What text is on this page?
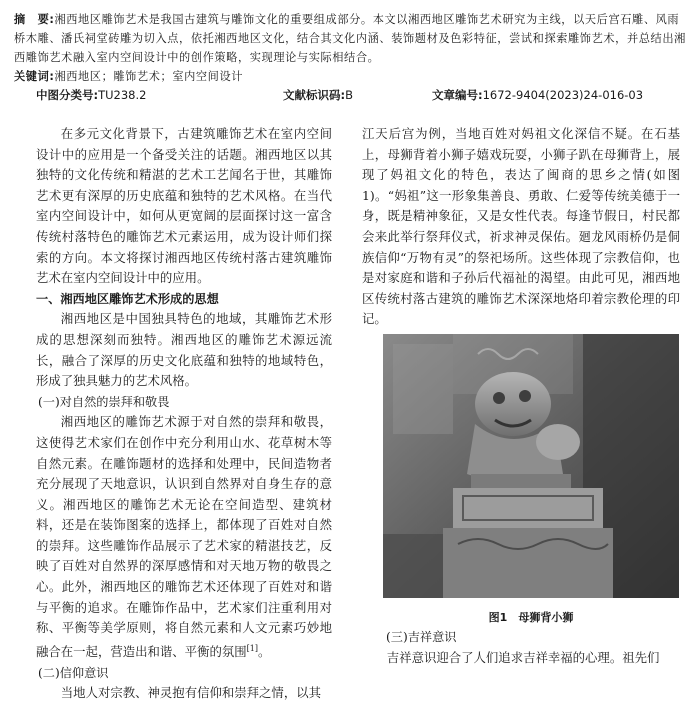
摘　要:湘西地区雕饰艺术是我国古建筑与雕饰文化的重要组成部分。本文以湘西地区雕饰艺术研究为主线，以天后宫石雕、风雨桥木雕、潘氏祠堂砖雕为切入点，依托湘西地区文化，结合其文化内涵、装饰题材及色彩特征，尝试和探索雕饰艺术，并总结出湘西雕饰艺术融入室内空间设计中的创作策略，实现理论与实际相结合。

关键词:湘西地区；雕饰艺术；室内空间设计

中图分类号:TU238.2	文献标识码:B	文章编号:1672-9404(2023)24-016-03

在多元文化背景下，古建筑雕饰艺术在室内空间设计中的应用是一个备受关注的话题。湘西地区以其独特的文化传统和精湛的艺术工艺闻名于世，其雕饰艺术更有深厚的历史底蕴和独特的艺术风格。在当代室内空间设计中，如何从更宽阔的层面探讨这一富含传统村落特色的雕饰艺术元素运用，成为设计师们探索的方向。本文将探讨湘西地区传统村落古建筑雕饰艺术在室内空间设计中的应用。

一、湘西地区雕饰艺术形成的思想

湘西地区是中国独具特色的地域，其雕饰艺术形成的思想深刻而独特。湘西地区的雕饰艺术源远流长，融合了深厚的历史文化底蕴和独特的地域特色，形成了独具魅力的艺术风格。

(一)对自然的崇拜和敬畏

湘西地区的雕饰艺术源于对自然的崇拜和敬畏，这使得艺术家们在创作中充分利用山水、花草树木等自然元素。在雕饰题材的选择和处理中，民间造物者充分展现了天地意识，认识到自然界对自身生存的意义。湘西地区的雕饰艺术无论在空间造型、建筑材料，还是在装饰图案的选择上，都体现了百姓对自然的崇拜。这些雕饰作品展示了艺术家的精湛技艺，反映了百姓对自然界的深厚感情和对天地万物的敬畏之心。此外，湘西地区的雕饰艺术还体现了百姓对和谐与平衡的追求。在雕饰作品中，艺术家们注重利用对称、平衡等美学原则，将自然元素和人文元素巧妙地融合在一起，营造出和谐、平衡的氛围[1]。

(二)信仰意识

当地人对宗教、神灵抱有信仰和崇拜之情，以其

江天后宫为例，当地百姓对妈祖文化深信不疑。在石基上，母狮背着小狮子嬉戏玩耍，小狮子趴在母狮背上，展现了妈祖文化的特色，表达了闽商的思乡之情(如图1)。“妈祖”这一形象集善良、勇敢、仁爱等传统美德于一身，既是精神象征，又是女性代表。每逢节假日，村民都会来此举行祭拜仪式，祈求神灵保佑。廻龙风雨桥仍是侗族信仰“万物有灵”的祭祀场所。这些体现了宗教信仰，也是对家庭和谐和子孙后代福祉的渴望。由此可见，湘西地区传统村落古建筑的雕饰艺术深深地烙印着宗教伦理的印记。

图1　母狮背小狮

(三)吉祥意识

吉祥意识迎合了人们追求吉祥幸福的心理。祖先们
